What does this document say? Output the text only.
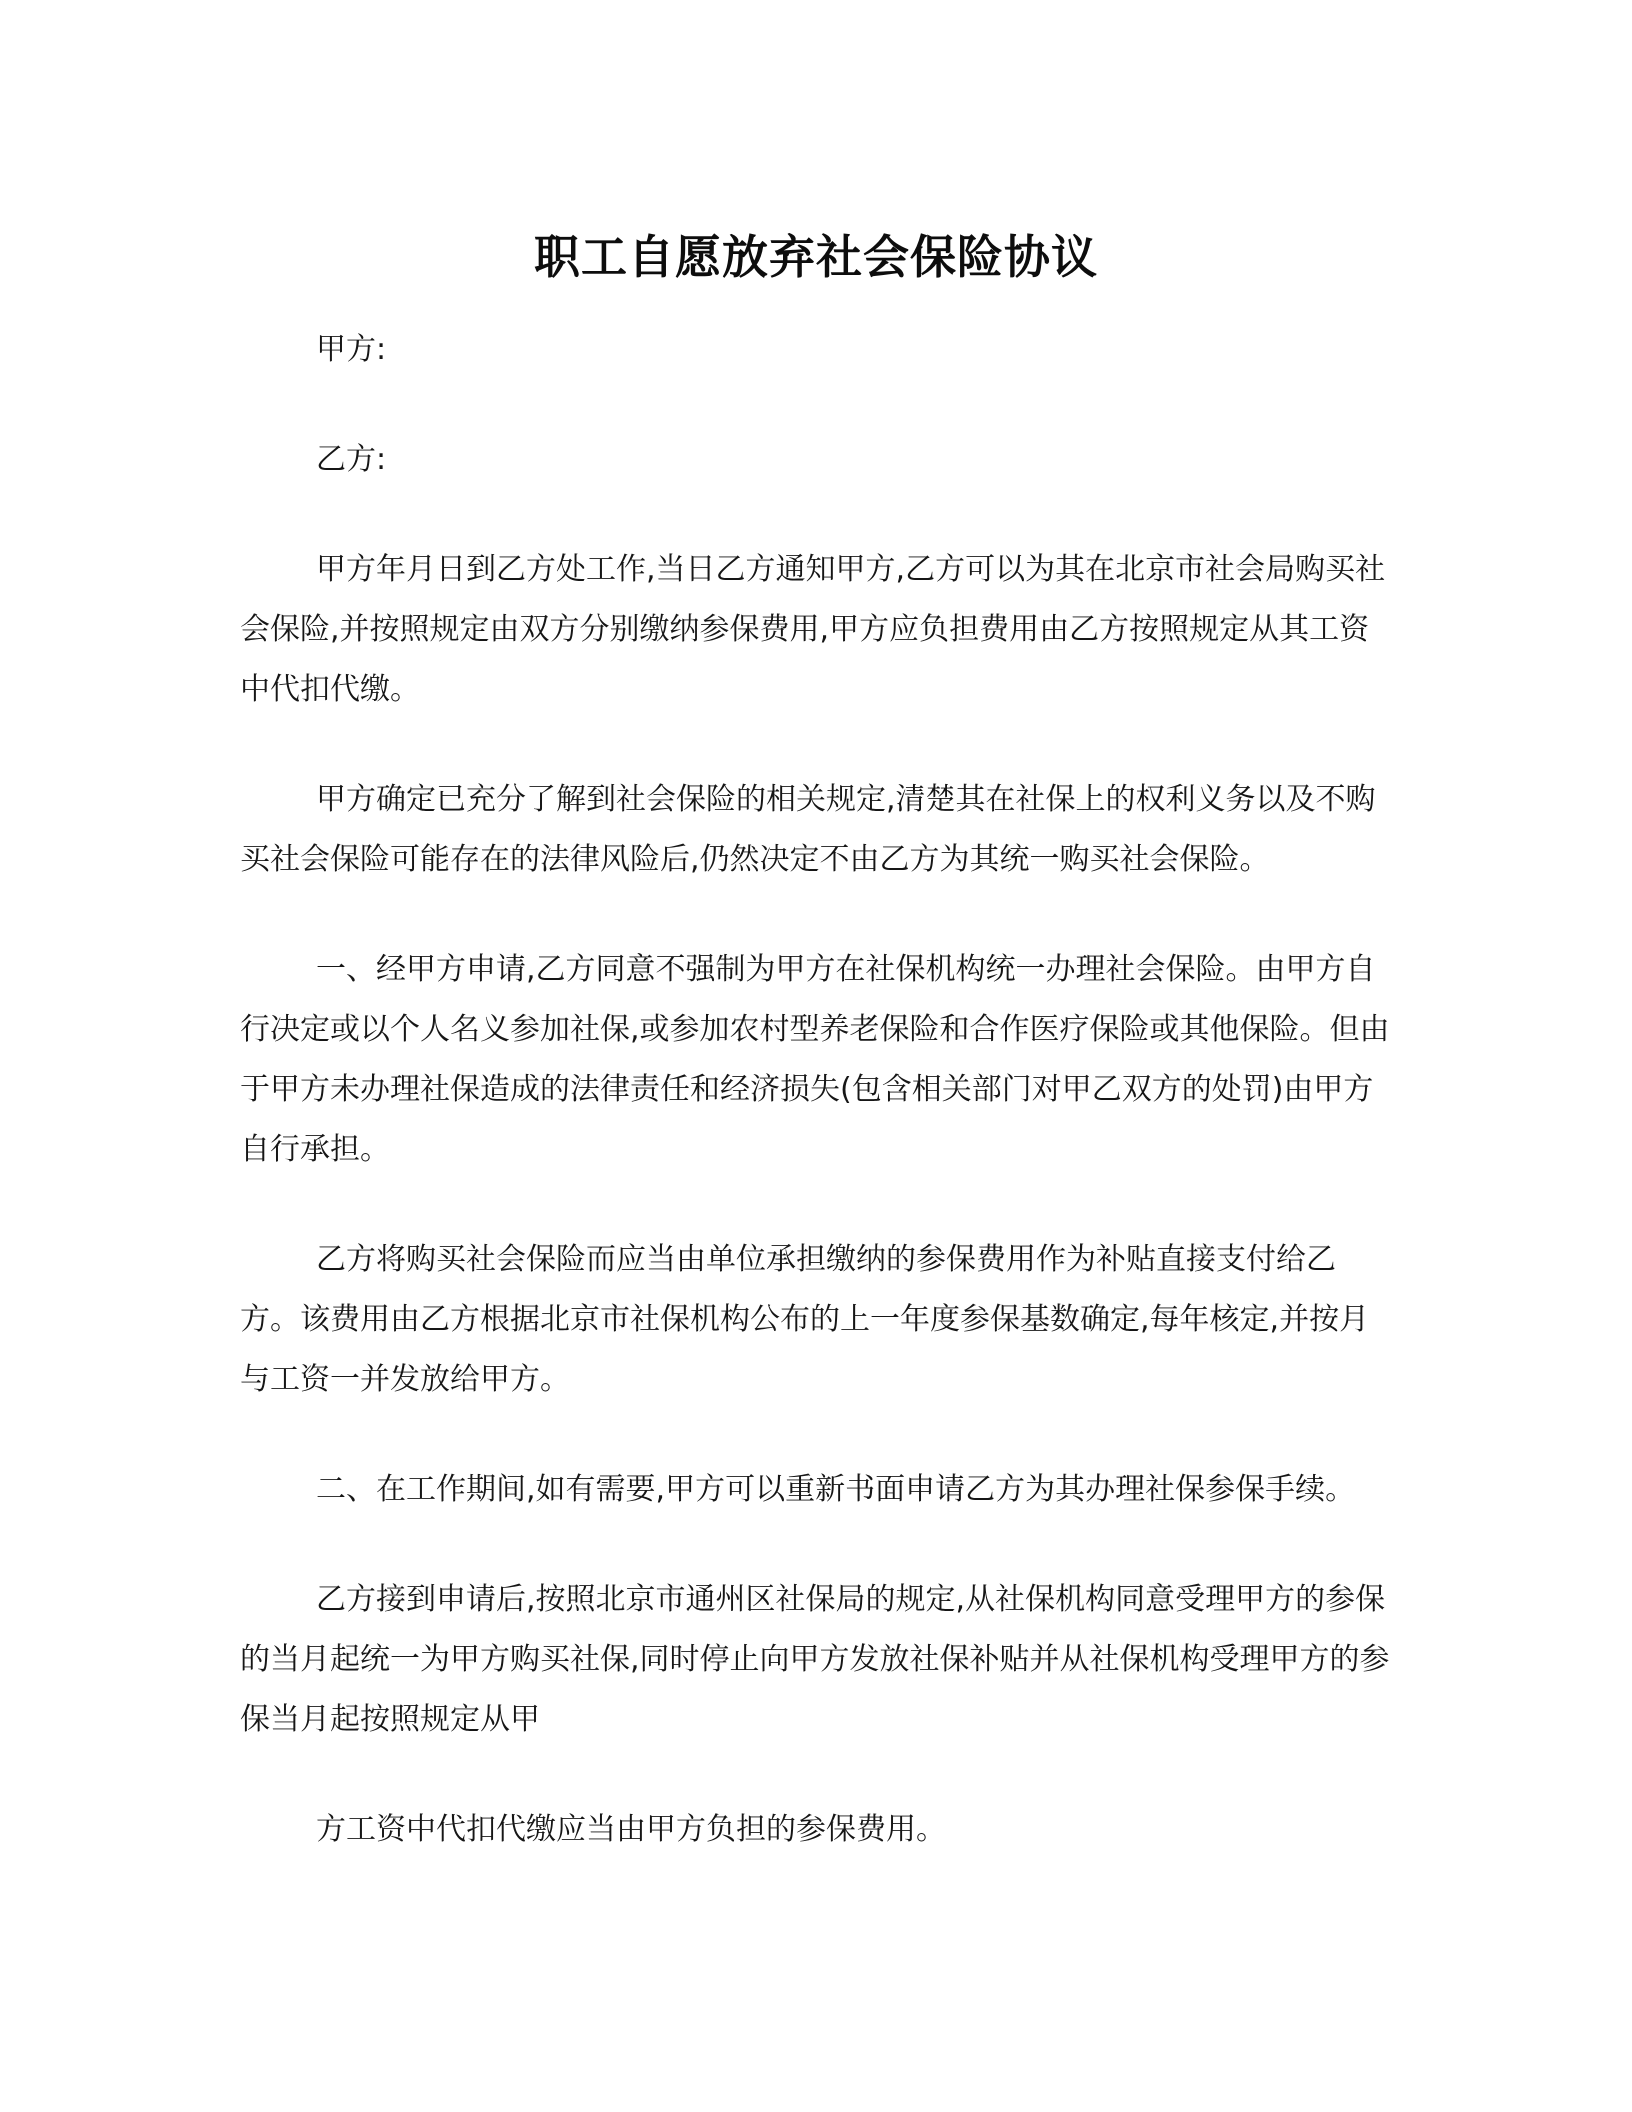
职工自愿放弃社会保险协议

甲方:

乙方:

甲方年月日到乙方处工作,当日乙方通知甲方,乙方可以为其在北京市社会局购买社会保险,并按照规定由双方分别缴纳参保费用,甲方应负担费用由乙方按照规定从其工资中代扣代缴。

甲方确定已充分了解到社会保险的相关规定,清楚其在社保上的权利义务以及不购买社会保险可能存在的法律风险后,仍然决定不由乙方为其统一购买社会保险。

一、经甲方申请,乙方同意不强制为甲方在社保机构统一办理社会保险。由甲方自行决定或以个人名义参加社保,或参加农村型养老保险和合作医疗保险或其他保险。但由于甲方未办理社保造成的法律责任和经济损失(包含相关部门对甲乙双方的处罚)由甲方自行承担。

乙方将购买社会保险而应当由单位承担缴纳的参保费用作为补贴直接支付给乙方。该费用由乙方根据北京市社保机构公布的上一年度参保基数确定,每年核定,并按月与工资一并发放给甲方。

二、在工作期间,如有需要,甲方可以重新书面申请乙方为其办理社保参保手续。

乙方接到申请后,按照北京市通州区社保局的规定,从社保机构同意受理甲方的参保的当月起统一为甲方购买社保,同时停止向甲方发放社保补贴并从社保机构受理甲方的参保当月起按照规定从甲

方工资中代扣代缴应当由甲方负担的参保费用。
